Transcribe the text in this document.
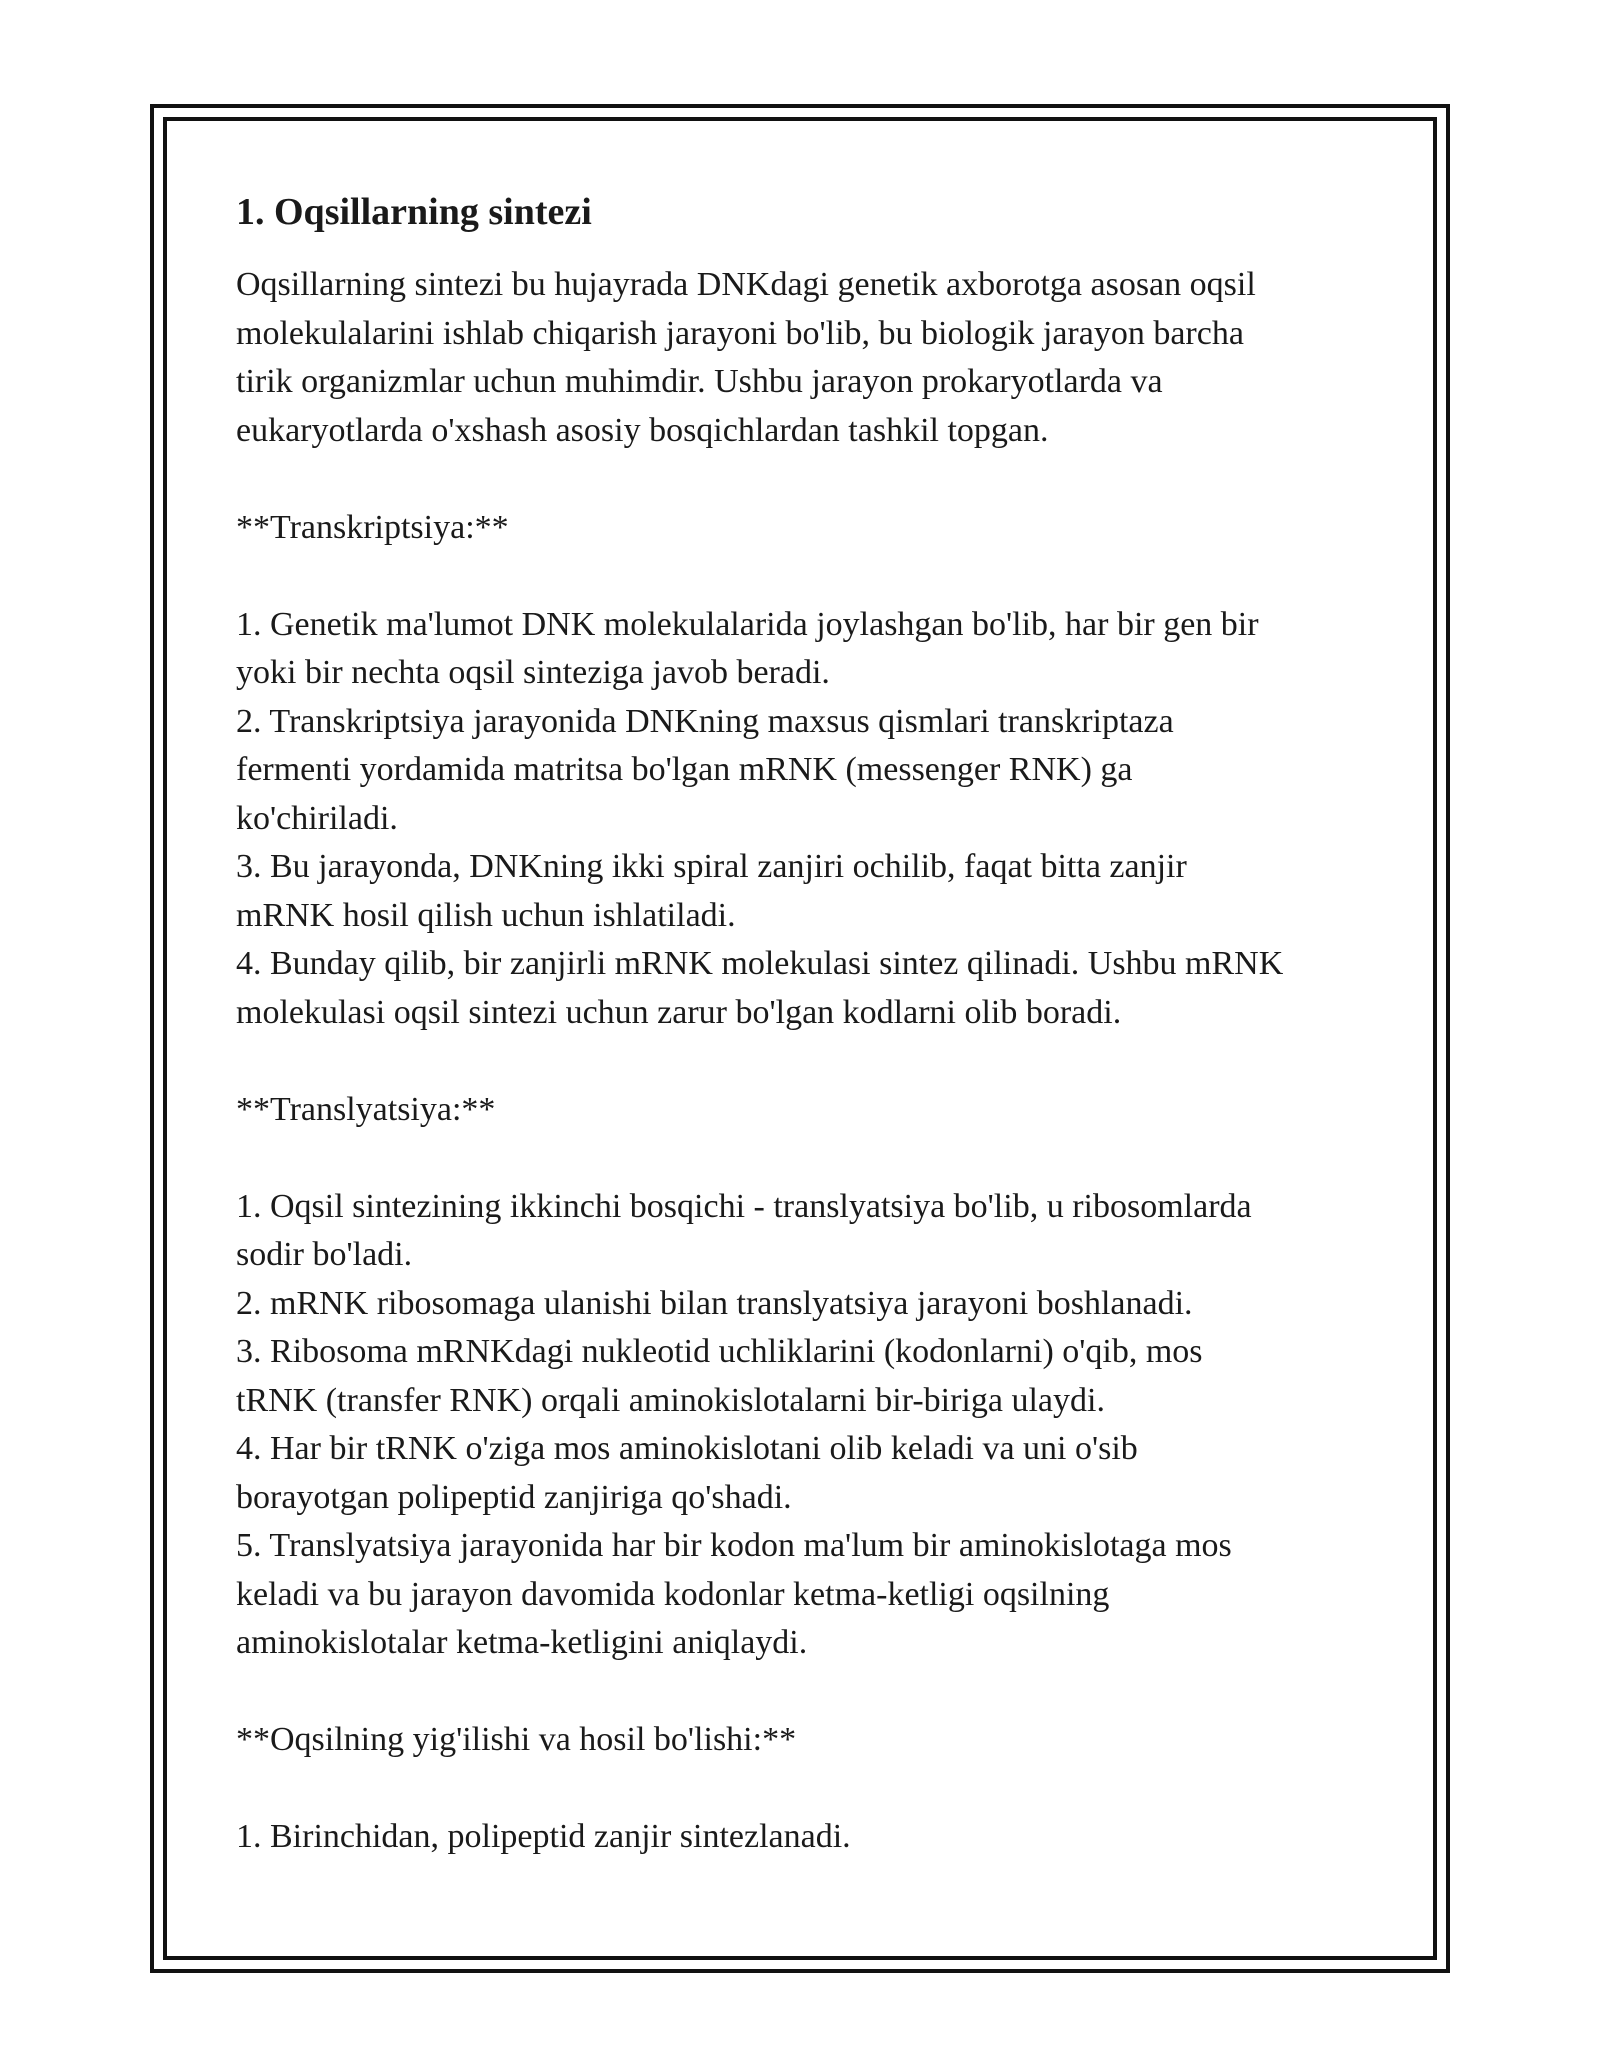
1. Oqsillarning sintezi

Oqsillarning sintezi bu hujayrada DNKdagi genetik axborotga asosan oqsil

molekulalarini ishlab chiqarish jarayoni bo'lib, bu biologik jarayon barcha

tirik organizmlar uchun muhimdir. Ushbu jarayon prokaryotlarda va

eukaryotlarda o'xshash asosiy bosqichlardan tashkil topgan.

**Transkriptsiya:**

1. Genetik ma'lumot DNK molekulalarida joylashgan bo'lib, har bir gen bir

yoki bir nechta oqsil sinteziga javob beradi.

2. Transkriptsiya jarayonida DNKning maxsus qismlari transkriptaza

fermenti yordamida matritsa bo'lgan mRNK (messenger RNK) ga

ko'chiriladi.

3. Bu jarayonda, DNKning ikki spiral zanjiri ochilib, faqat bitta zanjir

mRNK hosil qilish uchun ishlatiladi.

4. Bunday qilib, bir zanjirli mRNK molekulasi sintez qilinadi. Ushbu mRNK

molekulasi oqsil sintezi uchun zarur bo'lgan kodlarni olib boradi.

**Translyatsiya:**

1. Oqsil sintezining ikkinchi bosqichi - translyatsiya bo'lib, u ribosomlarda

sodir bo'ladi.

2. mRNK ribosomaga ulanishi bilan translyatsiya jarayoni boshlanadi.

3. Ribosoma mRNKdagi nukleotid uchliklarini (kodonlarni) o'qib, mos

tRNK (transfer RNK) orqali aminokislotalarni bir-biriga ulaydi.

4. Har bir tRNK o'ziga mos aminokislotani olib keladi va uni o'sib

borayotgan polipeptid zanjiriga qo'shadi.

5. Translyatsiya jarayonida har bir kodon ma'lum bir aminokislotaga mos

keladi va bu jarayon davomida kodonlar ketma-ketligi oqsilning

aminokislotalar ketma-ketligini aniqlaydi.

**Oqsilning yig'ilishi va hosil bo'lishi:**

1. Birinchidan, polipeptid zanjir sintezlanadi.
